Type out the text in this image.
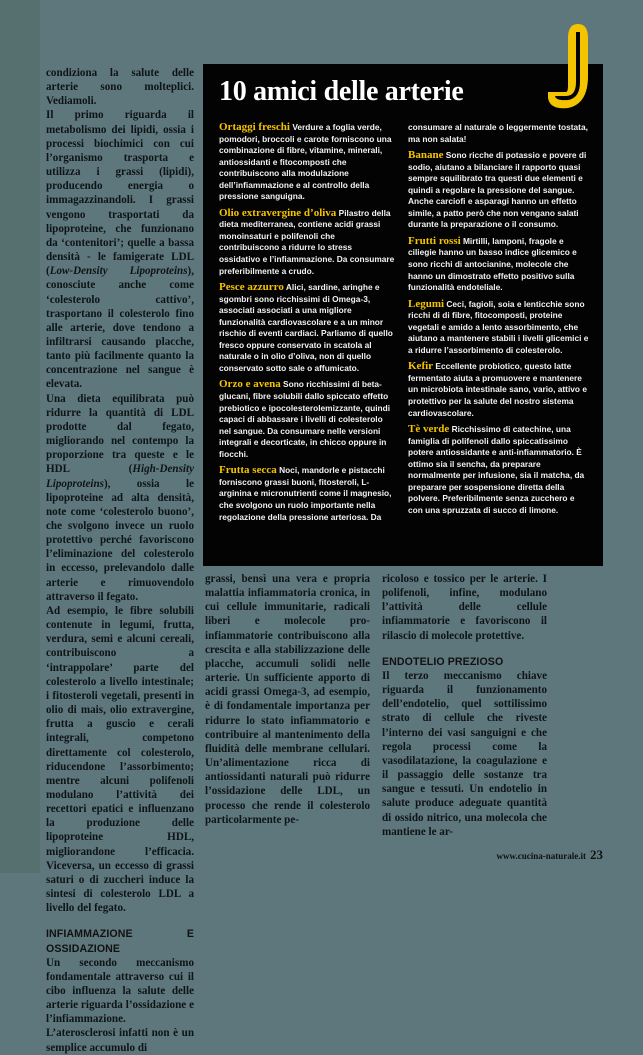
condiziona la salute delle arterie sono molteplici. Vediamoli.

Il primo riguarda il metabolismo dei lipidi, ossia i processi biochimici con cui l’organismo trasporta e utilizza i grassi (lipidi), producendo energia o immagazzinandoli. I grassi vengono trasportati da lipoproteine, che funzionano da ‘contenitori’; quelle a bassa densità - le famigerate LDL (Low-Density Lipoproteins), conosciute anche come ‘colesterolo cattivo’, trasportano il colesterolo fino alle arterie, dove tendono a infiltrarsi causando placche, tanto più facilmente quanto la concentrazione nel sangue è elevata.

Una dieta equilibrata può ridurre la quantità di LDL prodotte dal fegato, migliorando nel contempo la proporzione tra queste e le HDL (High-Density Lipoproteins), ossia le lipoproteine ad alta densità, note come ‘colesterolo buono’, che svolgono invece un ruolo protettivo perché favoriscono l’eliminazione del colesterolo in eccesso, prelevandolo dalle arterie e rimuovendolo attraverso il fegato.

Ad esempio, le fibre solubili contenute in legumi, frutta, verdura, semi e alcuni cereali, contribuiscono a ‘intrappolare’ parte del colesterolo a livello intestinale; i fitosteroli vegetali, presenti in olio di mais, olio extravergine, frutta a guscio e cerali integrali, competono direttamente col colesterolo, riducendone l’assorbimento; mentre alcuni polifenoli modulano l’attività dei recettori epatici e influenzano la produzione delle lipoproteine HDL, migliorandone l’efficacia. Viceversa, un eccesso di grassi saturi o di zuccheri induce la sintesi di colesterolo LDL a livello del fegato.

INFIAMMAZIONE E OSSIDAZIONE

Un secondo meccanismo fondamentale attraverso cui il cibo influenza la salute delle arterie riguarda l’ossidazione e l’infiammazione. L’aterosclerosi infatti non è un semplice accumulo di

10 amici delle arterie

Ortaggi freschi Verdure a foglia verde, pomodori, broccoli e carote forniscono una combinazione di fibre, vitamine, minerali, antiossidanti e fitocomposti che contribuiscono alla modulazione dell’infiammazione e al controllo della pressione sanguigna.

Olio extravergine d’oliva Pilastro della dieta mediterranea, contiene acidi grassi monoinsaturi e polifenoli che contribuiscono a ridurre lo stress ossidativo e l’infiammazione. Da consumare preferibilmente a crudo.

Pesce azzurro Alici, sardine, aringhe e sgombri sono ricchissimi di Omega-3, associati associati a una migliore funzionalità cardiovascolare e a un minor rischio di eventi cardiaci. Parliamo di quello fresco oppure conservato in scatola al naturale o in olio d’oliva, non di quello conservato sotto sale o affumicato.

Orzo e avena Sono ricchissimi di beta-glucani, fibre solubili dallo spiccato effetto prebiotico e ipocolesterolemizzante, quindi capaci di abbassare i livelli di colesterolo nel sangue. Da consumare nelle versioni integrali e decorticate, in chicco oppure in fiocchi.

Frutta secca Noci, mandorle e pistacchi forniscono grassi buoni, fitosteroli, L-arginina e micronutrienti come il magnesio, che svolgono un ruolo importante nella regolazione della pressione arteriosa. Da

consumare al naturale o leggermente tostata, ma non salata!

Banane Sono ricche di potassio e povere di sodio, aiutano a bilanciare il rapporto quasi sempre squilibrato tra questi due elementi e quindi a regolare la pressione del sangue. Anche carciofi e asparagi hanno un effetto simile, a patto però che non vengano salati durante la preparazione o il consumo.

Frutti rossi Mirtilli, lamponi, fragole e ciliegie hanno un basso indice glicemico e sono ricchi di antocianine, molecole che hanno un dimostrato effetto positivo sulla funzionalità endoteliale.

Legumi Ceci, fagioli, soia e lenticchie sono ricchi di di fibre, fitocomposti, proteine vegetali e amido a lento assorbimento, che aiutano a mantenere stabili i livelli glicemici e a ridurre l’assorbimento di colesterolo.

Kefir Eccellente probiotico, questo latte fermentato aiuta a promuovere e mantenere un microbiota intestinale sano, vario, attivo e protettivo per la salute del nostro sistema cardiovascolare.

Tè verde Ricchissimo di catechine, una famiglia di polifenoli dallo spiccatissimo potere antiossidante e anti-infiammatorio. È ottimo sia il sencha, da preparare normalmente per infusione, sia il matcha, da preparare per sospensione diretta della polvere. Preferibilmente senza zucchero e con una spruzzata di succo di limone.

grassi, bensì una vera e propria malattia infiammatoria cronica, in cui cellule immunitarie, radicali liberi e molecole pro-infiammatorie contribuiscono alla crescita e alla stabilizzazione delle placche, accumuli solidi nelle arterie. Un sufficiente apporto di acidi grassi Omega-3, ad esempio, è di fondamentale importanza per ridurre lo stato infiammatorio e contribuire al mantenimento della fluidità delle membrane cellulari. Un’alimentazione ricca di antiossidanti naturali può ridurre l’ossidazione delle LDL, un processo che rende il colesterolo particolarmente pe-

ricoloso e tossico per le arterie. I polifenoli, infine, modulano l’attività delle cellule infiammatorie e favoriscono il rilascio di molecole protettive.

ENDOTELIO PREZIOSO

Il terzo meccanismo chiave riguarda il funzionamento dell’endotelio, quel sottilissimo strato di cellule che riveste l’interno dei vasi sanguigni e che regola processi come la vasodilatazione, la coagulazione e il passaggio delle sostanze tra sangue e tessuti. Un endotelio in salute produce adeguate quantità di ossido nitrico, una molecola che mantiene le ar-

www.cucina-naturale.it 23
